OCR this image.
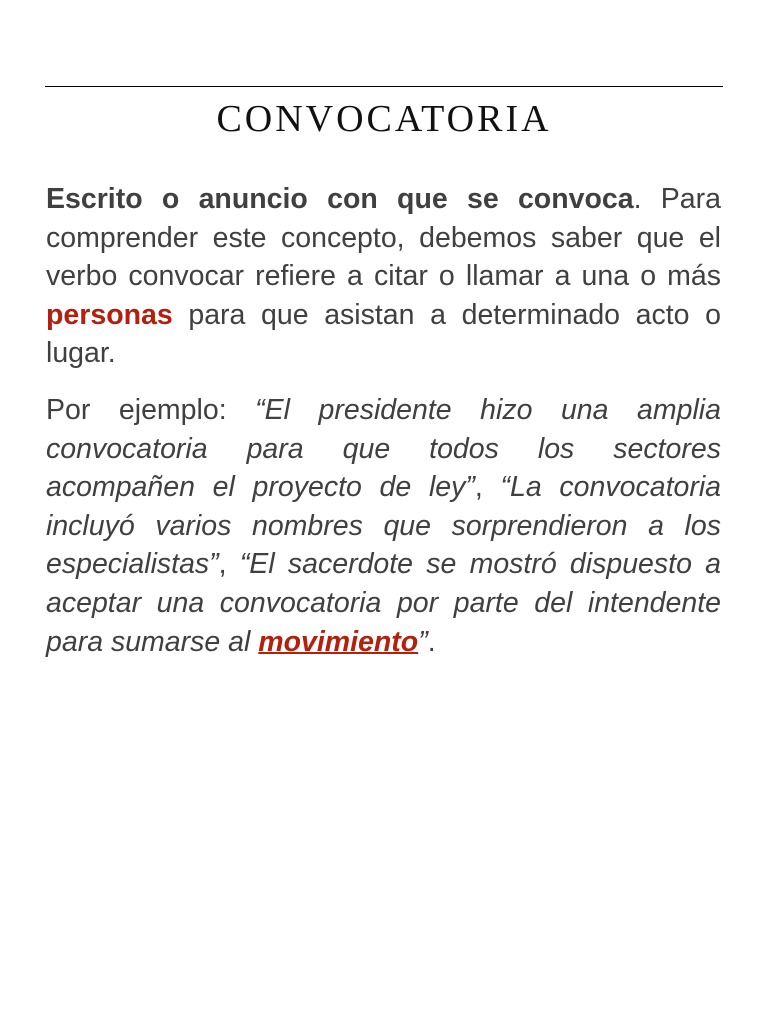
CONVOCATORIA

Escrito o anuncio con que se convoca. Para comprender este concepto, debemos saber que el verbo convocar refiere a citar o llamar a una o más personas para que asistan a determinado acto o lugar.

Por ejemplo: “El presidente hizo una amplia convocatoria para que todos los sectores acompañen el proyecto de ley”, “La convocatoria incluyó varios nombres que sorprendieron a los especialistas”, “El sacerdote se mostró dispuesto a aceptar una convocatoria por parte del intendente para sumarse al movimiento”.
